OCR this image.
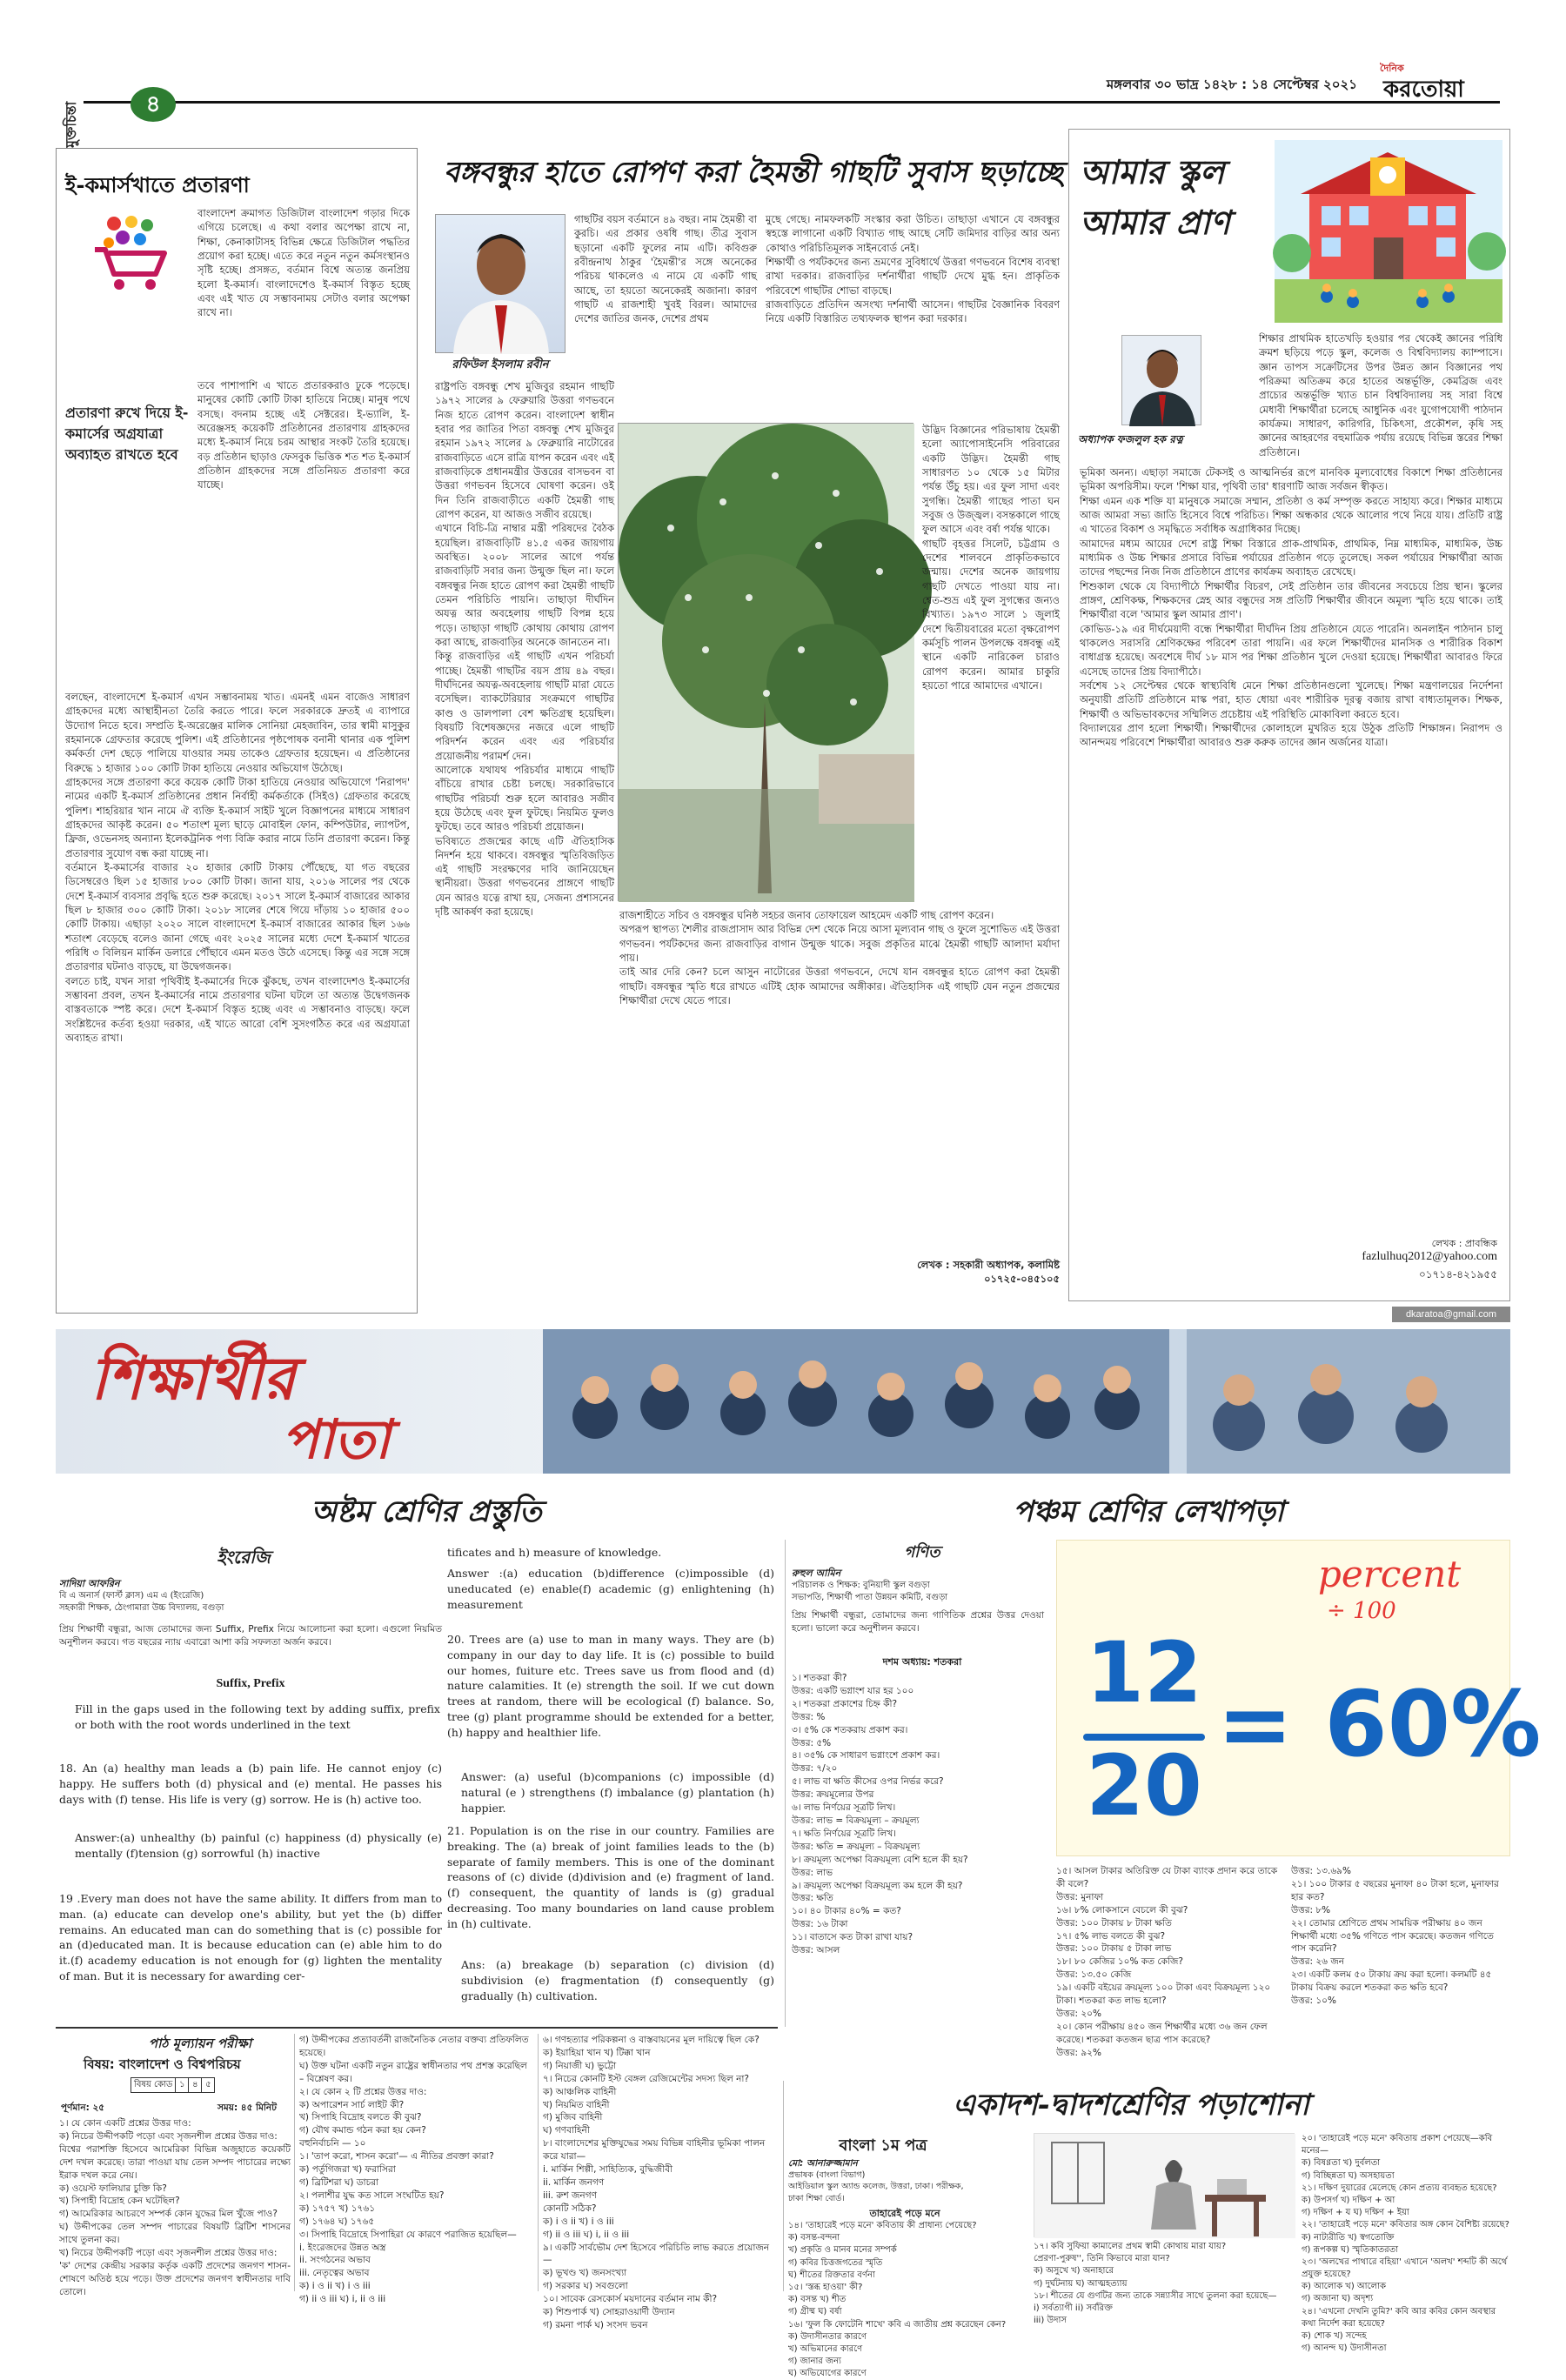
মুক্তচিন্তা	৪
মঙ্গলবার ৩০ ভাদ্র ১৪২৮ : ১৪ সেপ্টেম্বর ২০২১
দৈনিক
করতোয়া
ই-কমার্সখাতে প্রতারণা
বাংলাদেশ ক্রমাগত ডিজিটাল বাংলাদেশ গড়ার দিকে এগিয়ে চলেছে। এ কথা বলার অপেক্ষা রাখে না, শিক্ষা, কেনাকাটাসহ বিভিন্ন ক্ষেত্রে ডিজিটাল পদ্ধতির প্রয়োগ করা হচ্ছে। এতে করে নতুন নতুন কর্মসংস্থানও সৃষ্টি হচ্ছে। প্রসঙ্গত, বর্তমান বিশ্বে অত্যন্ত জনপ্রিয় হলো ই-কমার্স। বাংলাদেশেও ই-কমার্স বিস্তৃত হচ্ছে এবং এই খাত যে সম্ভাবনাময় সেটাও বলার অপেক্ষা রাখে না।
প্রতারণা রুখে দিয়ে ই-কমার্সের অগ্রযাত্রা অব্যাহত রাখতে হবে
তবে পাশাপাশি এ খাতে প্রতারকরাও ঢুকে পড়েছে। মানুষের কোটি কোটি টাকা হাতিয়ে নিচ্ছে। মানুষ পথে বসছে। বদনাম হচ্ছে এই সেক্টরের। ই-ভ্যালি, ই-অরেঞ্জসহ কয়েকটি প্রতিষ্ঠানের প্রতারণায় গ্রাহকদের মধ্যে ই-কমার্স নিয়ে চরম আস্থার সংকট তৈরি হয়েছে। বড় প্রতিষ্ঠান ছাড়াও ফেসবুক ভিত্তিক শত শত ই-কমার্স প্রতিষ্ঠান গ্রাহকদের সঙ্গে প্রতিনিয়ত প্রতারণা করে যাচ্ছে।
বলছেন, বাংলাদেশে ই-কমার্স এখন সম্ভাবনাময় খাত। এমনই এমন বাজেও সাধারণ গ্রাহকদের মধ্যে আস্থাহীনতা তৈরি করতে পারে। ফলে সরকারকে দ্রুতই এ ব্যাপারে উদ্যোগ নিতে হবে। সম্প্রতি ই-অরেঞ্জের মালিক সোনিয়া মেহজাবিন, তার স্বামী মাসুকুর রহমানকে গ্রেফতার করেছে পুলিশ। এই প্রতিষ্ঠানের পৃষ্ঠপোষক বনানী থানার এক পুলিশ কর্মকর্তা দেশ ছেড়ে পালিয়ে যাওয়ার সময় তাকেও গ্রেফতার হয়েছেন। এ প্রতিষ্ঠানের বিরুদ্ধে ১ হাজার ১০০ কোটি টাকা হাতিয়ে নেওয়ার অভিযোগ উঠেছে।
গ্রাহকদের সঙ্গে প্রতারণা করে কয়েক কোটি টাকা হাতিয়ে নেওয়ার অভিযোগে 'নিরাপদ' নামের একটি ই-কমার্স প্রতিষ্ঠানের প্রধান নির্বাহী কর্মকর্তাকে (সিইও) গ্রেফতার করেছে পুলিশ। শাহরিয়ার খান নামে ঐ ব্যক্তি ই-কমার্স সাইট খুলে বিজ্ঞাপনের মাধ্যমে সাধারণ গ্রাহকদের আকৃষ্ট করেন। ৫০ শতাংশ মূল্য ছাড়ে মোবাইল ফোন, কম্পিউটার, ল্যাপটপ, ফ্রিজ, ওভেনসহ অন্যান্য ইলেকট্রনিক পণ্য বিক্রি করার নামে তিনি প্রতারণা করেন। কিন্তু প্রতারণার সুযোগ বন্ধ করা যাচ্ছে না।
বর্তমানে ই-কমার্সের বাজার ২০ হাজার কোটি টাকায় পৌঁছেছে, যা গত বছরের ডিসেম্বরেও ছিল ১৫ হাজার ৮০০ কোটি টাকা। জানা যায়, ২০১৬ সালের পর থেকে দেশে ই-কমার্স ব্যবসার প্রবৃদ্ধি হতে শুরু করেছে। ২০১৭ সালে ই-কমার্স বাজারের আকার ছিল ৮ হাজার ৩০০ কোটি টাকা। ২০১৮ সালের শেষে গিয়ে দাঁড়ায় ১০ হাজার ৫০০ কোটি টাকায়। এছাড়া ২০২০ সালে বাংলাদেশে ই-কমার্স বাজারের আকার ছিল ১৬৬ শতাংশ বেড়েছে বলেও জানা গেছে এবং ২০২৫ সালের মধ্যে দেশে ই-কমার্স খাতের পরিধি ৩ বিলিয়ন মার্কিন ডলারে পৌঁছাবে এমন মতও উঠে এসেছে। কিন্তু এর সঙ্গে সঙ্গে প্রতারণার ঘটনাও বাড়ছে, যা উদ্বেগজনক।
বলতে চাই, যখন সারা পৃথিবীই ই-কমার্সের দিকে ঝুঁকছে, তখন বাংলাদেশও ই-কমার্সের সম্ভাবনা প্রবল, তখন ই-কমার্সের নামে প্রতারণার ঘটনা ঘটলে তা অত্যন্ত উদ্বেগজনক বাস্তবতাকে স্পষ্ট করে। দেশে ই-কমার্স বিস্তৃত হচ্ছে এবং এ সম্ভাবনাও বাড়ছে। ফলে সংশ্লিষ্টদের কর্তব্য হওয়া দরকার, এই খাতে আরো বেশি সুসংগঠিত করে এর অগ্রযাত্রা অব্যাহত রাখা।
বঙ্গবন্ধুর হাতে রোপণ করা হৈমন্তী গাছটি সুবাস ছড়াচ্ছে
রফিউল ইসলাম রবীন
গাছটির বয়স বর্তমানে ৪৯ বছর। নাম হৈমন্তী বা কুরচি। এর প্রকার ওষধি গাছ। তীব্র সুবাস ছড়ানো একটি ফুলের নাম এটি। কবিগুরু রবীন্দ্রনাথ ঠাকুর 'হৈমন্তী'র সঙ্গে অনেকের পরিচয় থাকলেও এ নামে যে একটি গাছ আছে, তা হয়তো অনেকেরই অজানা। কারণ গাছটি এ রাজশাহী খুবই বিরল। আমাদের দেশের জাতির জনক, দেশের প্রথম
রাষ্ট্রপতি বঙ্গবন্ধু শেখ মুজিবুর রহমান গাছটি ১৯৭২ সালের ৯ ফেব্রুয়ারি উত্তরা গণভবনে নিজ হাতে রোপণ করেন। বাংলাদেশ স্বাধীন হবার পর জাতির পিতা বঙ্গবন্ধু শেখ মুজিবুর রহমান ১৯৭২ সালের ৯ ফেব্রুয়ারি নাটোরের রাজবাড়িতে এসে রাত্রি যাপন করেন এবং এই রাজবাড়িকে প্রধানমন্ত্রীর উত্তরের বাসভবন বা উত্তরা গণভবন হিসেবে ঘোষণা করেন। ওই দিন তিনি রাজবাড়ীতে একটি হৈমন্তী গাছ রোপণ করেন, যা আজও সজীব রয়েছে।
এখানে বিচি-ত্রি নাম্বার মন্ত্রী পরিষদের বৈঠক হয়েছিল। রাজবাড়িটি ৪১.৫ একর জায়গায় অবস্থিত। ২০০৮ সালের আগে পর্যন্ত রাজবাড়িটি সবার জন্য উন্মুক্ত ছিল না। ফলে বঙ্গবন্ধুর নিজ হাতে রোপণ করা হৈমন্তী গাছটি তেমন পরিচিতি পায়নি। তাছাড়া দীর্ঘদিন অযত্ন আর অবহেলায় গাছটি বিপন্ন হয়ে পড়ে। তাছাড়া গাছটি কোথায় কোথায় রোপণ করা আছে, রাজবাড়ির অনেকে জানতেন না।
কিন্তু রাজবাড়ির এই গাছটি এখন পরিচর্যা পাচ্ছে। হৈমন্তী গাছটির বয়স প্রায় ৪৯ বছর। দীর্ঘদিনের অযত্ন-অবহেলায় গাছটি মারা যেতে বসেছিল। ব্যাকটেরিয়ার সংক্রমণে গাছটির কাণ্ড ও ডালপালা বেশ ক্ষতিগ্রস্থ হয়েছিল। বিষয়টি বিশেষজ্ঞদের নজরে এলে গাছটি পরিদর্শন করেন এবং এর পরিচর্যার প্রয়োজনীয় পরামর্শ দেন।
আলোকে যথাযথ পরিচর্যার মাধ্যমে গাছটি বাঁচিয়ে রাখার চেষ্টা চলছে। সরকারিভাবে গাছটির পরিচর্যা শুরু হলে আবারও সজীব হয়ে উঠেছে এবং ফুল ফুটছে। নিয়মিত ফুলও ফুটছে। তবে আরও পরিচর্যা প্রয়োজন।
ভবিষ্যতে প্রজন্মের কাছে এটি ঐতিহাসিক নিদর্শন হয়ে থাকবে। বঙ্গবন্ধুর স্মৃতিবিজড়িত এই গাছটি সংরক্ষণের দাবি জানিয়েছেন স্থানীয়রা। উত্তরা গণভবনের প্রাঙ্গণে গাছটি যেন আরও যত্নে রাখা হয়, সেজন্য প্রশাসনের দৃষ্টি আকর্ষণ করা হয়েছে।
মুছে গেছে। নামফলকটি সংস্কার করা উচিত। তাছাড়া এখানে যে বঙ্গবন্ধুর স্বহস্তে লাগানো একটি বিখ্যাত গাছ আছে সেটি জমিদার বাড়ির আর অন্য কোথাও পরিচিতিমূলক সাইনবোর্ড নেই।
শিক্ষার্থী ও পর্যটকদের জন্য ভ্রমণের সুবিধার্থে উত্তরা গণভবনে বিশেষ ব্যবস্থা রাখা দরকার। রাজবাড়ির দর্শনার্থীরা গাছটি দেখে মুগ্ধ হন। প্রাকৃতিক পরিবেশে গাছটির শোভা বাড়ছে।
রাজবাড়িতে প্রতিদিন অসংখ্য দর্শনার্থী আসেন। গাছটির বৈজ্ঞানিক বিবরণ নিয়ে একটি বিস্তারিত তথ্যফলক স্থাপন করা দরকার।
উদ্ভিদ বিজ্ঞানের পরিভাষায় হৈমন্তী হলো অ্যাপোসাইনেসি পরিবারের একটি উদ্ভিদ। হৈমন্তী গাছ সাধারণত ১০ থেকে ১৫ মিটার পর্যন্ত উঁচু হয়। এর ফুল সাদা এবং সুগন্ধি। হৈমন্তী গাছের পাতা ঘন সবুজ ও উজ্জ্বল। বসন্তকালে গাছে ফুল আসে এবং বর্ষা পর্যন্ত থাকে।
গাছটি বৃহত্তর সিলেট, চট্টগ্রাম ও দেশের শালবনে প্রাকৃতিকভাবে জন্মায়। দেশের অনেক জায়গায় গাছটি দেখতে পাওয়া যায় না। শ্বেত-শুভ্র এই ফুল সুগন্ধের জন্যও বিখ্যাত। ১৯৭৩ সালে ১ জুলাই দেশে দ্বিতীয়বারের মতো বৃক্ষরোপণ কর্মসূচি পালন উপলক্ষে বঙ্গবন্ধু এই স্থানে একটি নারিকেল চারাও রোপণ করেন। আমার চাকুরি হয়তো পারে আমাদের এখানে।
রাজশাহীতে সচিব ও বঙ্গবন্ধুর ঘনিষ্ঠ সহচর জনাব তোফায়েল আহমেদ একটি গাছ রোপণ করেন।
অপরূপ স্থাপত্য শৈলীর রাজপ্রাসাদ আর বিভিন্ন দেশ থেকে নিয়ে আসা মূল্যবান গাছ ও ফুলে সুশোভিত এই উত্তরা গণভবন। পর্যটকদের জন্য রাজবাড়ির বাগান উন্মুক্ত থাকে। সবুজ প্রকৃতির মাঝে হৈমন্তী গাছটি আলাদা মর্যাদা পায়।
তাই আর দেরি কেন? চলে আসুন নাটোরের উত্তরা গণভবনে, দেখে যান বঙ্গবন্ধুর হাতে রোপণ করা হৈমন্তী গাছটি। বঙ্গবন্ধুর স্মৃতি ধরে রাখতে এটিই হোক আমাদের অঙ্গীকার। ঐতিহাসিক এই গাছটি যেন নতুন প্রজন্মের শিক্ষার্থীরা দেখে যেতে পারে।
লেখক : সহকারী অধ্যাপক, কলামিষ্ট
০১৭২৫-০৪৫১০৫
আমার স্কুল
আমার প্রাণ
অধ্যাপক ফজলুল হক রত্ন
শিক্ষার প্রাথমিক হাতেখড়ি হওয়ার পর থেকেই জ্ঞানের পরিধি ক্রমশ ছড়িয়ে পড়ে স্কুল, কলেজ ও বিশ্ববিদ্যালয় ক্যাম্পাসে। জ্ঞান তাপস সক্রেটিসের উপর উন্নত জ্ঞান বিজ্ঞানের পথ পরিক্রমা অতিক্রম করে হাতের অন্তর্ভূক্তি, কেমব্রিজ এবং প্রাচ্যের অন্তর্ভূক্তি খ্যাত চান বিশ্ববিদ্যালয় সহ সারা বিশ্বে মেধাবী শিক্ষার্থীরা চলেছে আধুনিক এবং যুগোপযোগী পাঠদান কার্যক্রম। সাধারণ, কারিগরি, চিকিৎসা, প্রকৌশল, কৃষি সহ জ্ঞানের আহরণের বহুমাত্রিক পর্যায় রয়েছে বিভিন্ন স্তরের শিক্ষা প্রতিষ্ঠানে।
ভূমিকা অনন্য। এছাড়া সমাজে টেকসই ও আত্মনির্ভর রূপে মানবিক মূল্যবোধের বিকাশে শিক্ষা প্রতিষ্ঠানের ভূমিকা অপরিসীম। ফলে 'শিক্ষা যার, পৃথিবী তার' ধারণাটি আজ সর্বজন স্বীকৃত।
শিক্ষা এমন এক শক্তি যা মানুষকে সমাজে সম্মান, প্রতিষ্ঠা ও কর্ম সম্পৃক্ত করতে সাহায্য করে। শিক্ষার মাধ্যমে আজ আমরা সভ্য জাতি হিসেবে বিশ্বে পরিচিত। শিক্ষা অন্ধকার থেকে আলোর পথে নিয়ে যায়। প্রতিটি রাষ্ট্র এ খাতের বিকাশ ও সমৃদ্ধিতে সর্বাধিক অগ্রাধিকার দিচ্ছে।
আমাদের মধ্যম আয়ের দেশে রাষ্ট্র শিক্ষা বিস্তারে প্রাক-প্রাথমিক, প্রাথমিক, নিম্ন মাধ্যমিক, মাধ্যমিক, উচ্চ মাধ্যমিক ও উচ্চ শিক্ষার প্রসারে বিভিন্ন পর্যায়ের প্রতিষ্ঠান গড়ে তুলেছে। সকল পর্যায়ের শিক্ষার্থীরা আজ তাদের পছন্দের নিজ নিজ প্রতিষ্ঠানে প্রাণের কার্যক্রম অব্যাহত রেখেছে।
শিশুকাল থেকে যে বিদ্যাপীঠে শিক্ষার্থীর বিচরণ, সেই প্রতিষ্ঠান তার জীবনের সবচেয়ে প্রিয় স্থান। স্কুলের প্রাঙ্গণ, শ্রেণিকক্ষ, শিক্ষকদের স্নেহ আর বন্ধুদের সঙ্গ প্রতিটি শিক্ষার্থীর জীবনে অমূল্য স্মৃতি হয়ে থাকে। তাই শিক্ষার্থীরা বলে 'আমার স্কুল আমার প্রাণ'।
কোভিড-১৯ এর দীর্ঘমেয়াদী বন্ধে শিক্ষার্থীরা দীর্ঘদিন প্রিয় প্রতিষ্ঠানে যেতে পারেনি। অনলাইন পাঠদান চালু থাকলেও সরাসরি শ্রেণিকক্ষের পরিবেশ তারা পায়নি। এর ফলে শিক্ষার্থীদের মানসিক ও শারীরিক বিকাশ বাধাগ্রস্ত হয়েছে। অবশেষে দীর্ঘ ১৮ মাস পর শিক্ষা প্রতিষ্ঠান খুলে দেওয়া হয়েছে। শিক্ষার্থীরা আবারও ফিরে এসেছে তাদের প্রিয় বিদ্যাপীঠে।
সর্বশেষ ১২ সেপ্টেম্বর থেকে স্বাস্থ্যবিধি মেনে শিক্ষা প্রতিষ্ঠানগুলো খুলেছে। শিক্ষা মন্ত্রণালয়ের নির্দেশনা অনুযায়ী প্রতিটি প্রতিষ্ঠানে মাস্ক পরা, হাত ধোয়া এবং শারীরিক দূরত্ব বজায় রাখা বাধ্যতামূলক। শিক্ষক, শিক্ষার্থী ও অভিভাবকদের সম্মিলিত প্রচেষ্টায় এই পরিস্থিতি মোকাবিলা করতে হবে।
বিদ্যালয়ের প্রাণ হলো শিক্ষার্থী। শিক্ষার্থীদের কোলাহলে মুখরিত হয়ে উঠুক প্রতিটি শিক্ষাঙ্গন। নিরাপদ ও আনন্দময় পরিবেশে শিক্ষার্থীরা আবারও শুরু করুক তাদের জ্ঞান অর্জনের যাত্রা।
লেখক : প্রাবন্ধিক
fazlulhuq2012@yahoo.com
০১৭১৪-৪২১৯৫৫
dkaratoa@gmail.com
শিক্ষার্থীর
পাতা
অষ্টম শ্রেণির প্রস্তুতি
ইংরেজি
সাদিয়া আফরিন
বি এ অনার্স (ফার্স্ট ক্লাস) এম এ (ইংরেজি)
সহকারী শিক্ষক, ঠেংগামারা উচ্চ বিদ্যালয়, বগুড়া
প্রিয় শিক্ষার্থী বন্ধুরা, আজ তোমাদের জন্য Suffix, Prefix নিয়ে আলোচনা করা হলো। এগুলো নিয়মিত অনুশীলন করবে। গত বছরের ন্যায় এবারো আশা করি সফলতা অর্জন করবে।
Suffix, Prefix
Fill in the gaps used in the following text by adding suffix, prefix or both with the root words underlined in the text
18. An (a) healthy man leads a (b) pain life. He cannot enjoy (c) happy. He suffers both (d) physical and (e) mental. He passes his days with (f) tense. His life is very (g) sorrow. He is (h) active too.
Answer:(a) unhealthy (b) painful (c) happiness (d) physically (e) mentally (f)tension (g) sorrowful (h) inactive
19 .Every man does not have the same ability. It differs from man to man. (a) educate can develop one's ability, but yet the (b) differ remains. An educated man can do something that is (c) possible for an (d)educated man. It is because education can (e) able him to do it.(f) academy education is not enough for (g) lighten the mentality of man. But it is necessary for awarding cer-
tificates and h) measure of knowledge.
Answer :(a) education (b)difference (c)impossible (d) uneducated (e) enable(f) academic (g) enlightening (h) measurement
20. Trees are (a) use to man in many ways. They are (b) company in our day to day life. It is (c) possible to build our homes, fuiture etc. Trees save us from flood and (d) nature calamities. It (e) strength the soil. If we cut down trees at random, there will be ecological (f) balance. So, tree (g) plant programme should be extended for a better, (h) happy and healthier life.
Answer: (a) useful (b)companions (c) impossible (d) natural (e ) strengthens (f) imbalance (g) plantation (h) happier.
21. Population is on the rise in our country. Families are breaking. The (a) break of joint families leads to the (b) separate of family members. This is one of the dominant reasons of (c) divide (d)division and (e) fragment of land.(f) consequent, the quantity of lands is (g) gradual decreasing. Too many boundaries on land cause problem in (h) cultivate.
Ans: (a) breakage (b) separation (c) division (d) subdivision (e) fragmentation (f) consequently (g) gradually (h) cultivation.
পাঠ মূল্যায়ন পরীক্ষা
বিষয়: বাংলাদেশ ও বিশ্বপরিচয়
বিষয় কোড ১ ৪ ৫
পূর্ণমান: ২৫	সময়: ৪৫ মিনিট
১। যে কোন একটি প্রশ্নের উত্তর দাও:
ক) নিচের উদ্দীপকটি পড়ো এবং সৃজনশীল প্রশ্নের উত্তর দাও:
বিশ্বের পরাশক্তি হিসেবে আমেরিকা বিভিন্ন অজুহাতে কয়েকটি দেশ দখল করেছে। তারা পাওয়া যায় তেল সম্পদ পাচারের লক্ষ্যে ইরাক দখল করে নেয়।
ক) ওয়েস্ট ফালিয়ার চুক্তি কি?
খ) সিপাহী বিদ্রোহ কেন ঘটেছিল?
গ) আমেরিকার আচরণে সম্পর্ক কোন যুদ্ধের মিল খুঁজে পাও?
ঘ) উদ্দীপকের তেল সম্পদ পাচারের বিষয়টি ব্রিটিশ শাসনের সাথে তুলনা কর।
খ) নিচের উদ্দীপকটি পড়ো এবং সৃজনশীল প্রশ্নের উত্তর দাও:
'ক' দেশের কেন্দ্রীয় সরকার কর্তৃক একটি প্রদেশের জনগণ শাসন-শোষণে অতিষ্ঠ হয়ে পড়ে। উক্ত প্রদেশের জনগণ স্বাধীনতার দাবি তোলে।
গ) উদ্দীপকের প্রত্যাবর্তনী রাজনৈতিক নেতার বক্তব্য প্রতিফলিত হয়েছে।
ঘ) উক্ত ঘটনা একটি নতুন রাষ্ট্রের স্বাধীনতার পথ প্রশস্ত করেছিল – বিশ্লেষণ কর।
২। যে কোন ২ টি প্রশ্নের উত্তর দাও:
ক) অপারেশন সার্চ লাইট কী?
খ) সিপাহি বিদ্রোহ বলতে কী বুঝ?
গ) যৌথ কমান্ড গঠন করা হয় কেন?
বহুনির্বাচনি — ১০
১। 'তাপ করো, শাসন করো'— এ নীতির প্রবক্তা কারা?
ক) পর্তুগিজরা খ) ফরাসিরা
গ) ব্রিটিশরা ঘ) ডাচরা
২। পলাশীর যুদ্ধ কত সালে সংঘটিত হয়?
ক) ১৭৫৭ খ) ১৭৬১
গ) ১৭৬৪ ঘ) ১৭৬৫
৩। সিপাহি বিদ্রোহে সিপাহিরা যে কারণে পরাজিত হয়েছিল—
i. ইংরেজদের উন্নত অস্ত্র
ii. সংগঠনের অভাব
iii. নেতৃত্বের অভাব
ক) i ও ii খ) i ও iii
গ) ii ও iii ঘ) i, ii ও iii
৬। গণহত্যার পরিকল্পনা ও বাস্তবায়নের মূল দায়িত্বে ছিল কে?
ক) ইয়াহিয়া খান খ) টিক্কা খান
গ) নিয়াজী ঘ) ভুট্টো
৭। নিচের কোনটি ইস্ট বেঙ্গল রেজিমেন্টের সদস্য ছিল না?
ক) আঞ্চলিক বাহিনী
খ) নিয়মিত বাহিনী
গ) মুজিব বাহিনী
ঘ) গণবাহিনী
৮। বাংলাদেশের মুক্তিযুদ্ধের সময় বিভিন্ন বাহিনীর ভূমিকা পালন করে যারা—
i. মার্কিন শিল্পী, সাহিত্যিক, বুদ্ধিজীবী
ii. মার্কিন জনগণ
iii. রুশ জনগণ
কোনটি সঠিক?
ক) i ও ii খ) i ও iii
গ) ii ও iii ঘ) i, ii ও iii
৯। একটি সার্বভৌম দেশ হিসেবে পরিচিতি লাভ করতে প্রয়োজন—
ক) ভূখণ্ড খ) জনসংখ্যা
গ) সরকার ঘ) সবগুলো
১০। সাবেক রেসকোর্স ময়দানের বর্তমান নাম কী?
ক) শিশুপার্ক খ) সোহরাওয়ার্দী উদ্যান
গ) রমনা পার্ক ঘ) সংসদ ভবন
পঞ্চম শ্রেণির লেখাপড়া
গণিত
রুহুল আমিন
পরিচালক ও শিক্ষক: বুনিয়াদী স্কুল বগুড়া
সভাপতি, শিক্ষার্থী পাতা উন্নয়ন কমিটি, বগুড়া
প্রিয় শিক্ষার্থী বন্ধুরা, তোমাদের জন্য গাণিতিক প্রশ্নের উত্তর দেওয়া হলো। ভালো করে অনুশীলন করবে।
দশম অধ্যায়: শতকরা
১। শতকরা কী?
উত্তর: একটি ভগ্নাংশ যার হর ১০০
২। শতকরা প্রকাশের চিহ্ন কী?
উত্তর: %
৩। ৫% কে শতকরায় প্রকাশ কর।
উত্তর: ৫%
৪। ৩৫% কে সাধারণ ভগ্নাংশে প্রকাশ কর।
উত্তর: ৭/২০
৫। লাভ বা ক্ষতি কীসের ওপর নির্ভর করে?
উত্তর: ক্রয়মূল্যের উপর
৬। লাভ নির্ণয়ের সূত্রটি লিখ।
উত্তর: লাভ = বিক্রয়মূল্য – ক্রয়মূল্য
৭। ক্ষতি নির্ণয়ের সূত্রটি লিখ।
উত্তর: ক্ষতি = ক্রয়মূল্য – বিক্রয়মূল্য
৮। ক্রয়মূল্য অপেক্ষা বিক্রয়মূল্য বেশি হলে কী হয়?
উত্তর: লাভ
৯। ক্রয়মূল্য অপেক্ষা বিক্রয়মূল্য কম হলে কী হয়?
উত্তর: ক্ষতি
১০। ৪০ টাকার ৪০% = কত?
উত্তর: ১৬ টাকা
১১। বাতাসে কত টাকা রাখা যায়?
উত্তর: আসল
percent
÷ 100
12
20
= 60%
১৫। আসল টাকার অতিরিক্ত যে টাকা ব্যাংক প্রদান করে তাকে কী বলে?
উত্তর: মুনাফা
১৬। ৮% লোকসানে বেচলে কী বুঝ?
উত্তর: ১০০ টাকায় ৮ টাকা ক্ষতি
১৭। ৫% লাভ বলতে কী বুঝ?
উত্তর: ১০০ টাকায় ৫ টাকা লাভ
১৮। ৮০ কেজির ১০% কত কেজি?
উত্তর: ১৩.৫০ কেজি
১৯। একটি বইয়ের ক্রয়মূল্য ১০০ টাকা এবং বিক্রয়মূল্য ১২০ টাকা। শতকরা কত লাভ হলো?
উত্তর: ২০%
২০। কোন পরীক্ষায় ৪৫০ জন শিক্ষার্থীর মধ্যে ৩৬ জন ফেল করেছে। শতকরা কতজন ছাত্র পাস করেছে?
উত্তর: ৯২%
উত্তর: ১৩.৬৯%
২১। ১০০ টাকার ৫ বছরের মুনাফা ৪০ টাকা হলে, মুনাফার হার কত?
উত্তর: ৮%
২২। তোমার শ্রেণিতে প্রথম সাময়িক পরীক্ষায় ৪০ জন শিক্ষার্থী মধ্যে ৩৫% গণিতে পাস করেছে। কতজন গণিতে পাস করেনি?
উত্তর: ২৬ জন
২৩। একটি কলম ৫০ টাকায় ক্রয় করা হলো। কলমটি ৪৫ টাকায় বিক্রয় করলে শতকরা কত ক্ষতি হবে?
উত্তর: ১০%
একাদশ-দ্বাদশশ্রেণির পড়াশোনা
বাংলা ১ম পত্র
মো: আনারুজ্জামান
প্রভাষক (বাংলা বিভাগ)
আইডিয়াল স্কুল অ্যান্ড কলেজ, উত্তরা, ঢাকা। পরীক্ষক,
ঢাকা শিক্ষা বোর্ড।
তাহারেই পড়ে মনে
১৪। 'তাহারেই পড়ে মনে' কবিতায় কী প্রাধান্য পেয়েছে?
ক) বসন্ত-বন্দনা
খ) প্রকৃতি ও মানব মনের সম্পর্ক
গ) কবির চিত্তজগতের স্মৃতি
ঘ) শীতের রিক্ততার বর্ণনা
১৫। 'স্তব্ধ হাওয়া' কী?
ক) বসন্ত খ) শীত
গ) গ্রীষ্ম ঘ) বর্ষা
১৬। 'ফুল কি ফোটেনি শাখে' কবি এ জাতীয় প্রশ্ন করেছেন কেন?
ক) উদাসীনতার কারণে
খ) অভিমানের কারণে
গ) জানার জন্য
ঘ) অভিযোগের কারণে
১৭। কবি সুফিয়া কামালের প্রথম স্বামী কোথায় মারা যায়?
প্রেরণা-পুরুষ'', তিনি কিভাবে মারা যান?
ক) অসুখে খ) অনাহারে
গ) দুর্ঘটনায় ঘ) আত্মহত্যায়
১৮। শীতের যে গুণটির জন্য তাকে সন্ন্যাসীর সাথে তুলনা করা হয়েছে—
i) সর্বত্যাগী ii) সর্বরিক্ত
iii) উদাস
২০। 'তাহারেই পড়ে মনে' কবিতায় প্রকাশ পেয়েছে—কবি মনের—
ক) বিষণ্ণতা খ) দুর্বলতা
গ) বিচ্ছিন্নতা ঘ) অসহায়তা
২১। দক্ষিণ দুয়ারের মেলেছে কোন প্রত্যয় ব্যবহৃত হয়েছে?
ক) উপসর্গ খ) দক্ষিণ + আ
গ) দক্ষিণ + য ঘ) দক্ষিণ + ইয়া
২২। 'তাহারেই পড়ে মনে' কবিতার অঙ্গ কোন বৈশিষ্ট্য রয়েছে?
ক) নাট্যরীতি খ) স্বগতোক্তি
গ) রূপকল্প ঘ) স্মৃতিকাতরতা
২৩। 'অলখের পাথারে বহিয়া' এখানে 'অলখ' শব্দটি কী অর্থে প্রযুক্ত হয়েছে?
ক) আলোক খ) আলোক
গ) অজানা ঘ) অদৃশ্য
২৪। 'এখনো দেখনি তুমি?' কবি আর কবির কোন অবস্থার কথা নির্দেশ করা হয়েছে?
ক) শোক খ) সন্দেহ
গ) আনন্দ ঘ) উদাসীনতা
